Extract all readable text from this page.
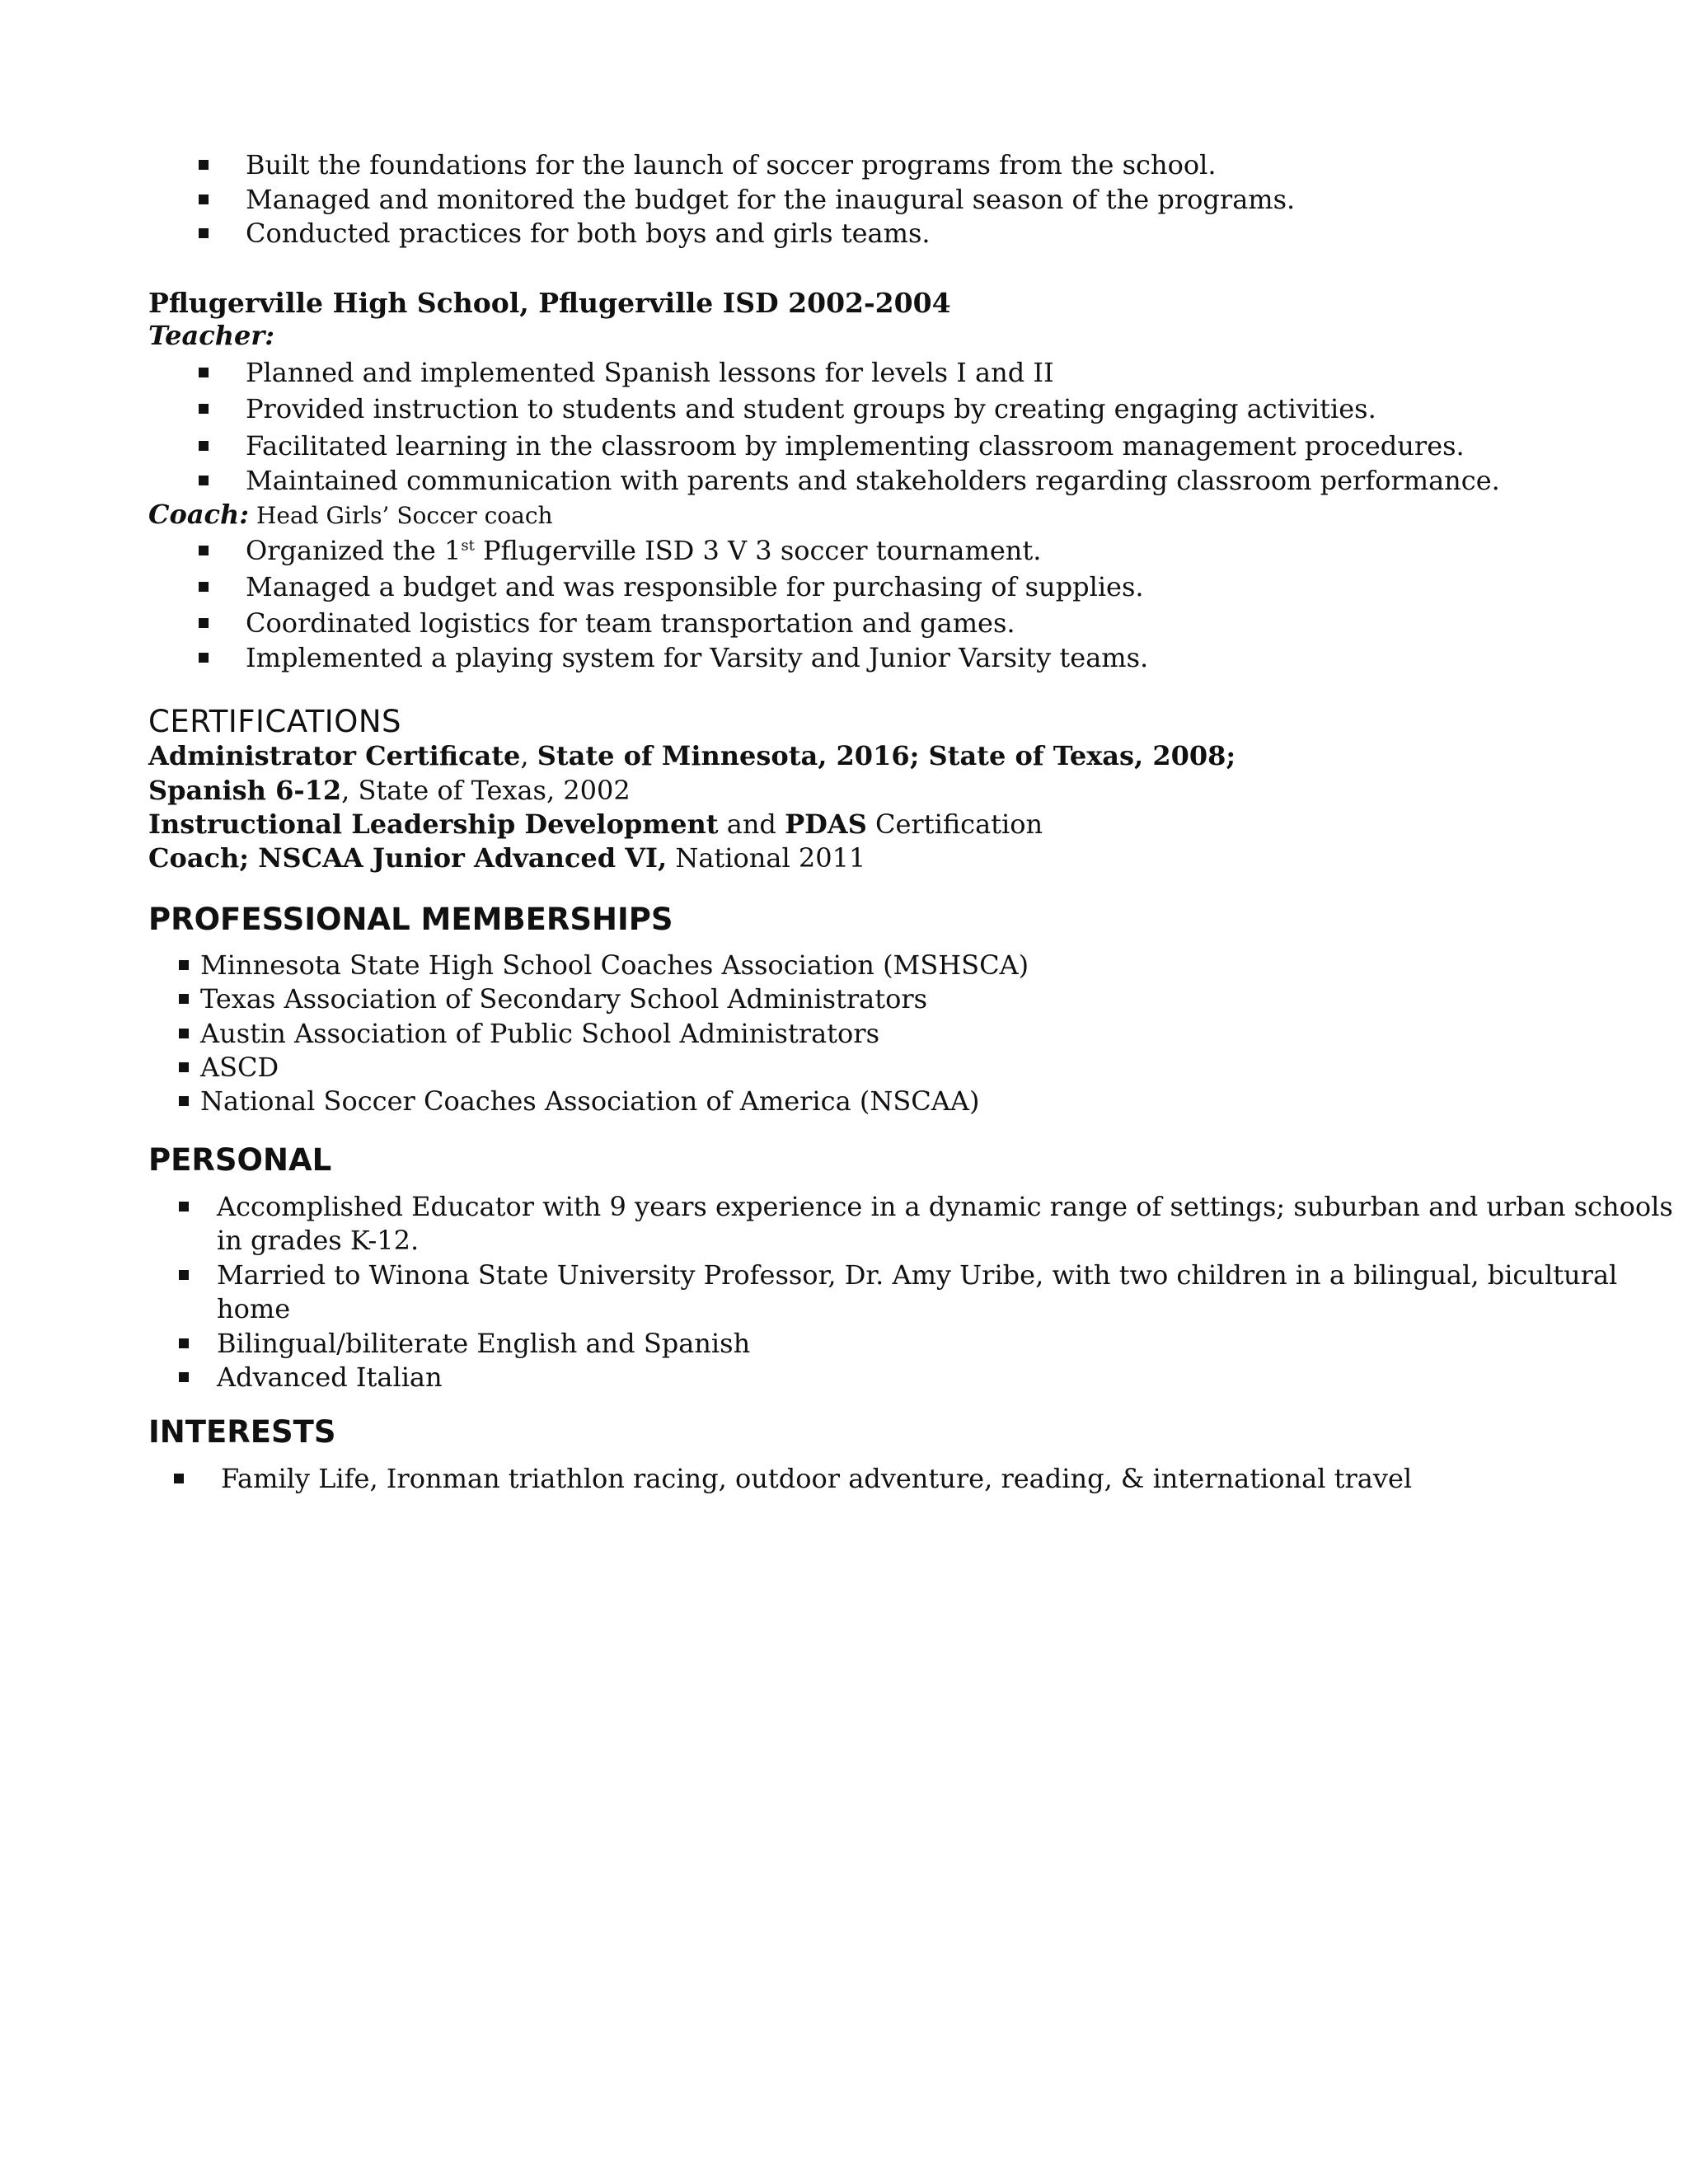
Built the foundations for the launch of soccer programs from the school.
Managed and monitored the budget for the inaugural season of the programs.
Conducted practices for both boys and girls teams.
Pflugerville High School, Pflugerville ISD 2002-2004
Teacher:
Planned and implemented Spanish lessons for levels I and II
Provided instruction to students and student groups by creating engaging activities.
Facilitated learning in the classroom by implementing classroom management procedures.
Maintained communication with parents and stakeholders regarding classroom performance.
Coach: Head Girls’ Soccer coach
Organized the 1st Pflugerville ISD 3 V 3 soccer tournament.
Managed a budget and was responsible for purchasing of supplies.
Coordinated logistics for team transportation and games.
Implemented a playing system for Varsity and Junior Varsity teams.
CERTIFICATIONS
Administrator Certificate, State of Minnesota, 2016; State of Texas, 2008;
Spanish 6-12, State of Texas, 2002
Instructional Leadership Development and PDAS Certification
Coach; NSCAA Junior Advanced VI, National 2011
PROFESSIONAL MEMBERSHIPS
Minnesota State High School Coaches Association (MSHSCA)
Texas Association of Secondary School Administrators
Austin Association of Public School Administrators
ASCD
National Soccer Coaches Association of America (NSCAA)
PERSONAL
Accomplished Educator with 9 years experience in a dynamic range of settings; suburban and urban schools
in grades K-12.
Married to Winona State University Professor, Dr. Amy Uribe, with two children in a bilingual, bicultural
home
Bilingual/biliterate English and Spanish
Advanced Italian
INTERESTS
Family Life, Ironman triathlon racing, outdoor adventure, reading, & international travel
